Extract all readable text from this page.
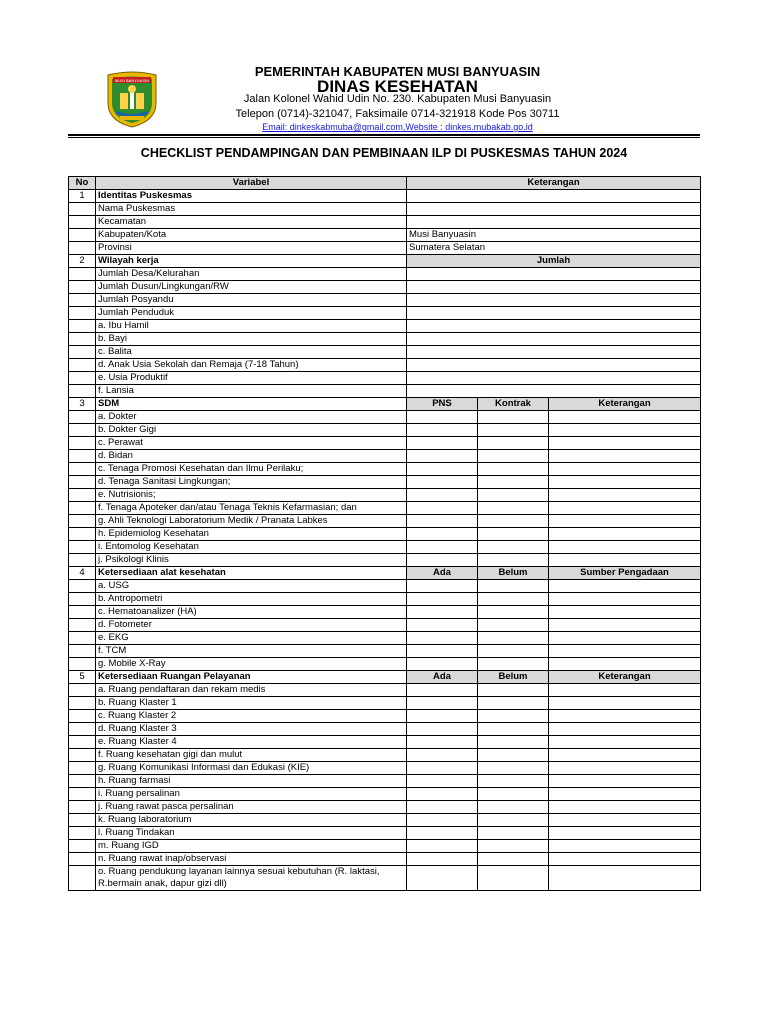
MUSI BANYUASIN
PEMERINTAH KABUPATEN MUSI BANYUASIN
DINAS KESEHATAN
Jalan Kolonel Wahid Udin No. 230. Kabupaten Musi Banyuasin
Telepon (0714)-321047, Faksimaile 0714-321918 Kode Pos 30711
Email: dinkeskabmuba@gmail.com,Website : dinkes.mubakab.go.id
CHECKLIST PENDAMPINGAN DAN PEMBINAAN ILP DI PUSKESMAS TAHUN 2024
No	Variabel	Keterangan		
1	Identitas Puskesmas			
	Nama Puskesmas			
	Kecamatan			
	Kabupaten/Kota	Musi Banyuasin		
	Provinsi	Sumatera Selatan		
2	Wilayah kerja	Jumlah		
	Jumlah Desa/Kelurahan			
	Jumlah Dusun/Lingkungan/RW			
	Jumlah Posyandu			
	Jumlah Penduduk			
	a. Ibu Hamil			
	b. Bayi			
	c. Balita			
	d. Anak Usia Sekolah dan Remaja (7-18 Tahun)			
	e. Usia Produktif			
	f. Lansia			
3	SDM	PNS	Kontrak	Keterangan
	a. Dokter			
	b. Dokter Gigi			
	c. Perawat			
	d. Bidan			
	c. Tenaga Promosi Kesehatan dan Ilmu Perilaku;			
	d. Tenaga Sanitasi Lingkungan;			
	e. Nutrisionis;			
	f. Tenaga Apoteker dan/atau Tenaga Teknis Kefarmasian; dan			
	g. Ahli Teknologi Laboratorium Medik / Pranata Labkes			
	h. Epidemiolog Kesehatan			
	i. Entomolog Kesehatan			
	j. Psikologi Klinis			
4	Ketersediaan alat kesehatan	Ada	Belum	Sumber Pengadaan
	a. USG			
	b. Antropometri			
	c. Hematoanalizer (HA)			
	d. Fotometer			
	e. EKG			
	f. TCM			
	g. Mobile X-Ray			
5	Ketersediaan Ruangan Pelayanan	Ada	Belum	Keterangan
	a. Ruang pendaftaran dan rekam medis			
	b. Ruang Klaster 1			
	c. Ruang Klaster 2			
	d. Ruang Klaster 3			
	e. Ruang Klaster 4			
	f. Ruang kesehatan gigi dan mulut			
	g. Ruang Komunikasi Informasi dan Edukasi (KIE)			
	h. Ruang farmasi			
	i. Ruang persalinan			
	j. Ruang rawat pasca persalinan			
	k. Ruang laboratorium			
	l. Ruang Tindakan			
	m. Ruang IGD			
	n. Ruang rawat inap/observasi			
	o. Ruang pendukung layanan lainnya sesuai kebutuhan (R. laktasi, R.bermain anak, dapur gizi dll)			
